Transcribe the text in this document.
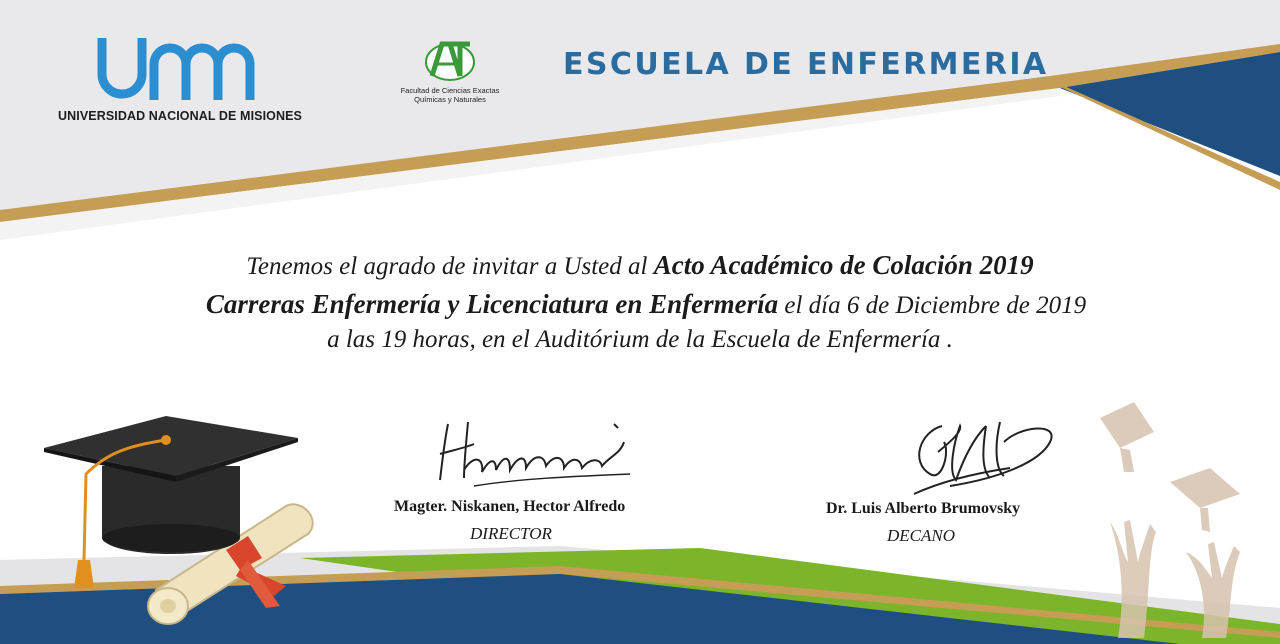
UNIVERSIDAD NACIONAL DE MISIONES
Facultad de Ciencias Exactas
Químicas y Naturales
ESCUELA DE ENFERMERIA
Tenemos el agrado de invitar a Usted al Acto Académico de Colación 2019
Carreras Enfermería y Licenciatura en Enfermería el día 6 de Diciembre de 2019
a las 19 horas, en el Auditórium de la Escuela de Enfermería .
Magter. Niskanen, Hector Alfredo
DIRECTOR
Dr. Luis Alberto Brumovsky
DECANO
